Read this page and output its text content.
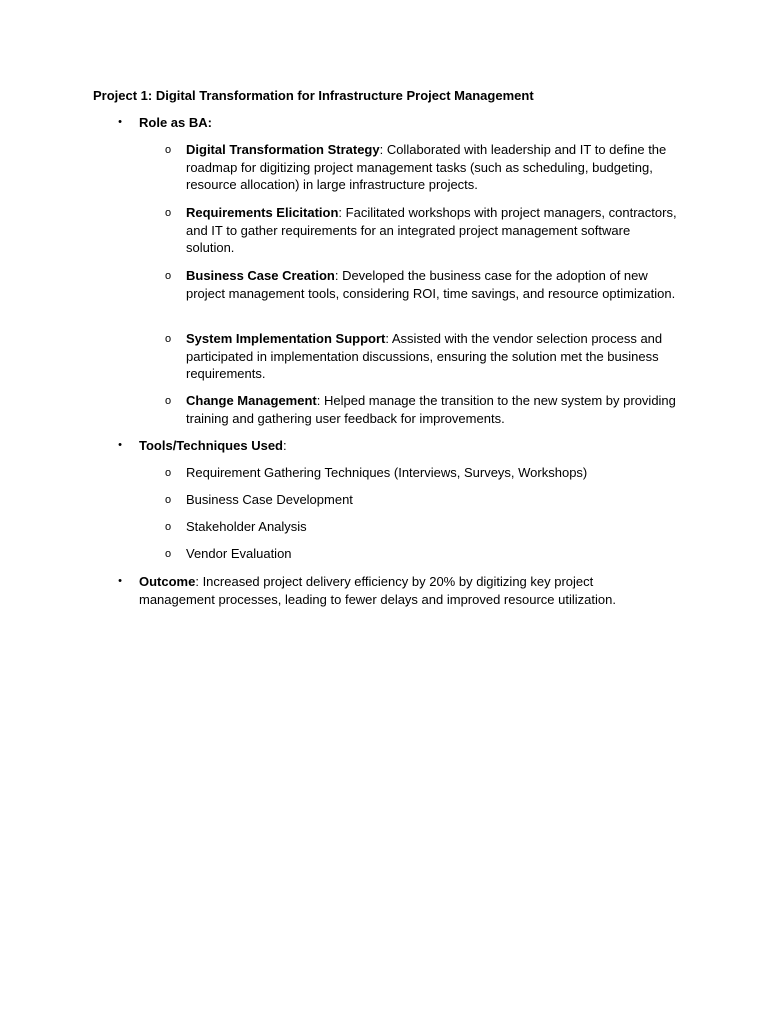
Project 1: Digital Transformation for Infrastructure Project Management
• Role as BA:
o Digital Transformation Strategy: Collaborated with leadership and IT to define the roadmap for digitizing project management tasks (such as scheduling, budgeting, resource allocation) in large infrastructure projects.
o Requirements Elicitation: Facilitated workshops with project managers, contractors, and IT to gather requirements for an integrated project management software solution.
o Business Case Creation: Developed the business case for the adoption of new project management tools, considering ROI, time savings, and resource optimization.
o System Implementation Support: Assisted with the vendor selection process and participated in implementation discussions, ensuring the solution met the business requirements.
o Change Management: Helped manage the transition to the new system by providing training and gathering user feedback for improvements.
• Tools/Techniques Used:
o Requirement Gathering Techniques (Interviews, Surveys, Workshops)
o Business Case Development
o Stakeholder Analysis
o Vendor Evaluation
• Outcome: Increased project delivery efficiency by 20% by digitizing key project management processes, leading to fewer delays and improved resource utilization.
